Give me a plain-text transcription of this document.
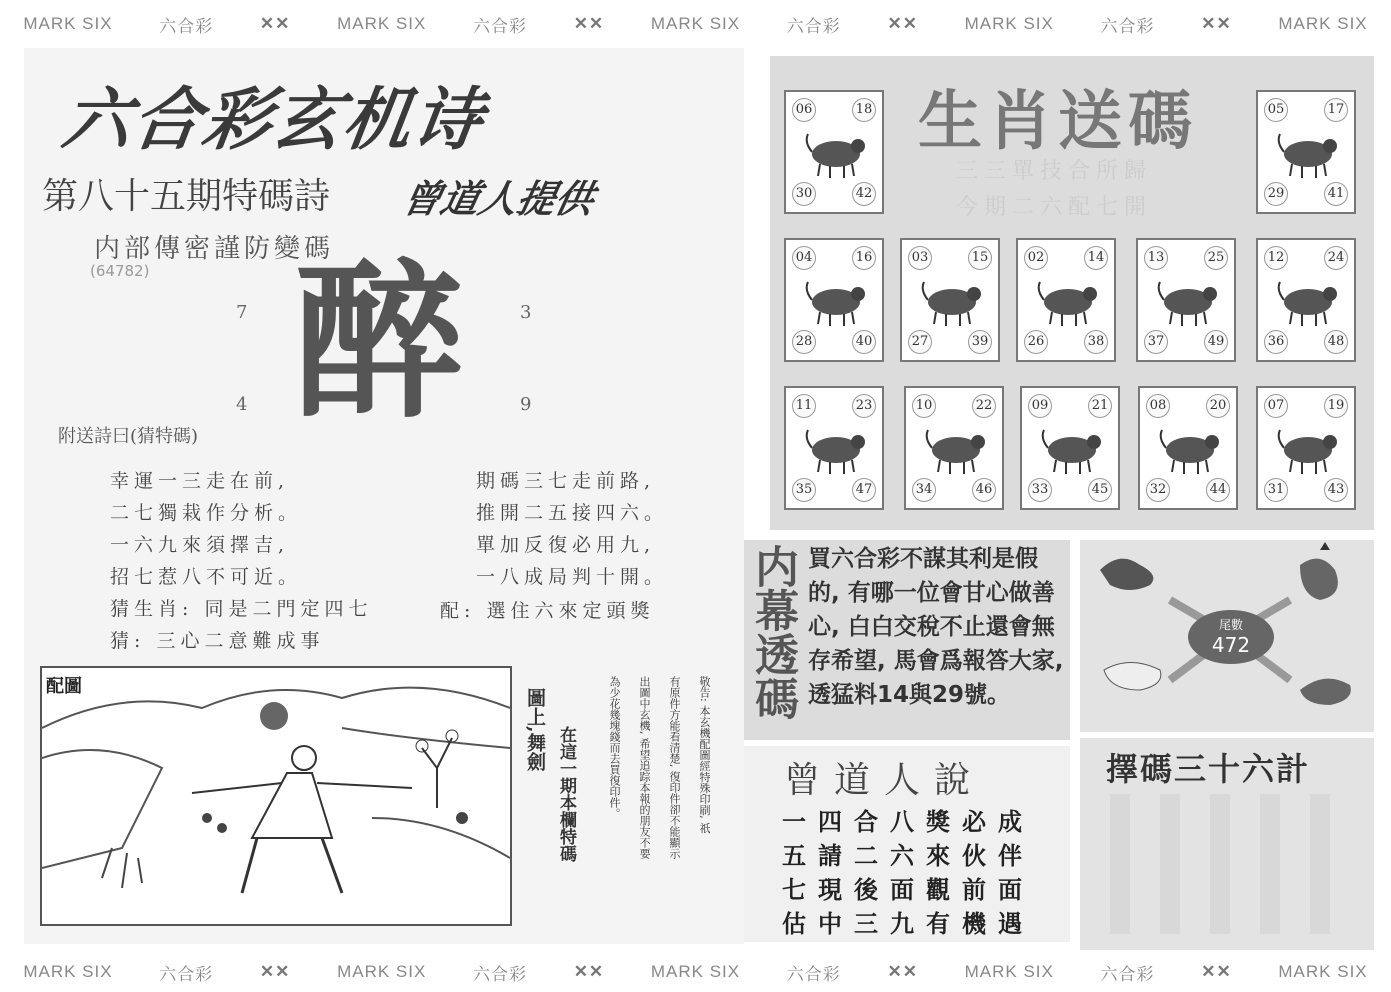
MARK SIX	六合彩	✕✕	MARK SIX	六合彩	✕✕	MARK SIX	六合彩	✕✕	MARK SIX	六合彩	✕✕	MARK SIX
MARK SIX	六合彩	✕✕	MARK SIX	六合彩	✕✕	MARK SIX	六合彩	✕✕	MARK SIX	六合彩	✕✕	MARK SIX
六合彩玄机诗
第八十五期特碼詩 曾道人提供
内部傳密謹防變碼
(64782)
7	3
4	9
醉
附送詩曰(猜特碼)
幸運一三走在前,
二七獨栽作分析。
一六九來須擇吉,
招七惹八不可近。
猜生肖: 同是二門定四七
猜: 三心二意難成事
期碼三七走前路,
推開二五接四六。
單加反復必用九,
一八成局判十開。
配: 選住六來定頭獎
配圖
圖上,舞劍 在這一期本欄特碼	敬告: 本玄機配圖經特殊印刷, 祇
有原件方能看清楚, 復印件卻不能顯示
出圖中玄機, 希望追踪本報的朋友不要
為少花幾塊錢而去買復印件。
生肖送碼
三三單技合所歸
今期二六配七開
06	18
30	42
05	17
29	41
04	16
28	40
03	15
27	39
02	14
26	38
13	25
37	49
12	24
36	48
11	23
35	47
10	22
34	46
09	21
33	45
08	20
32	44
07	19
31	43
内幕透碼 買六合彩不謀其利是假的, 有哪一位會甘心做善心, 白白交稅不止還會無存希望, 馬會爲報答大家, 透猛料14與29號。
曾道人說
一四合八獎必成
五請二六來伙伴
七現後面觀前面
估中三九有機遇
尾數
472
擇碼三十六計
